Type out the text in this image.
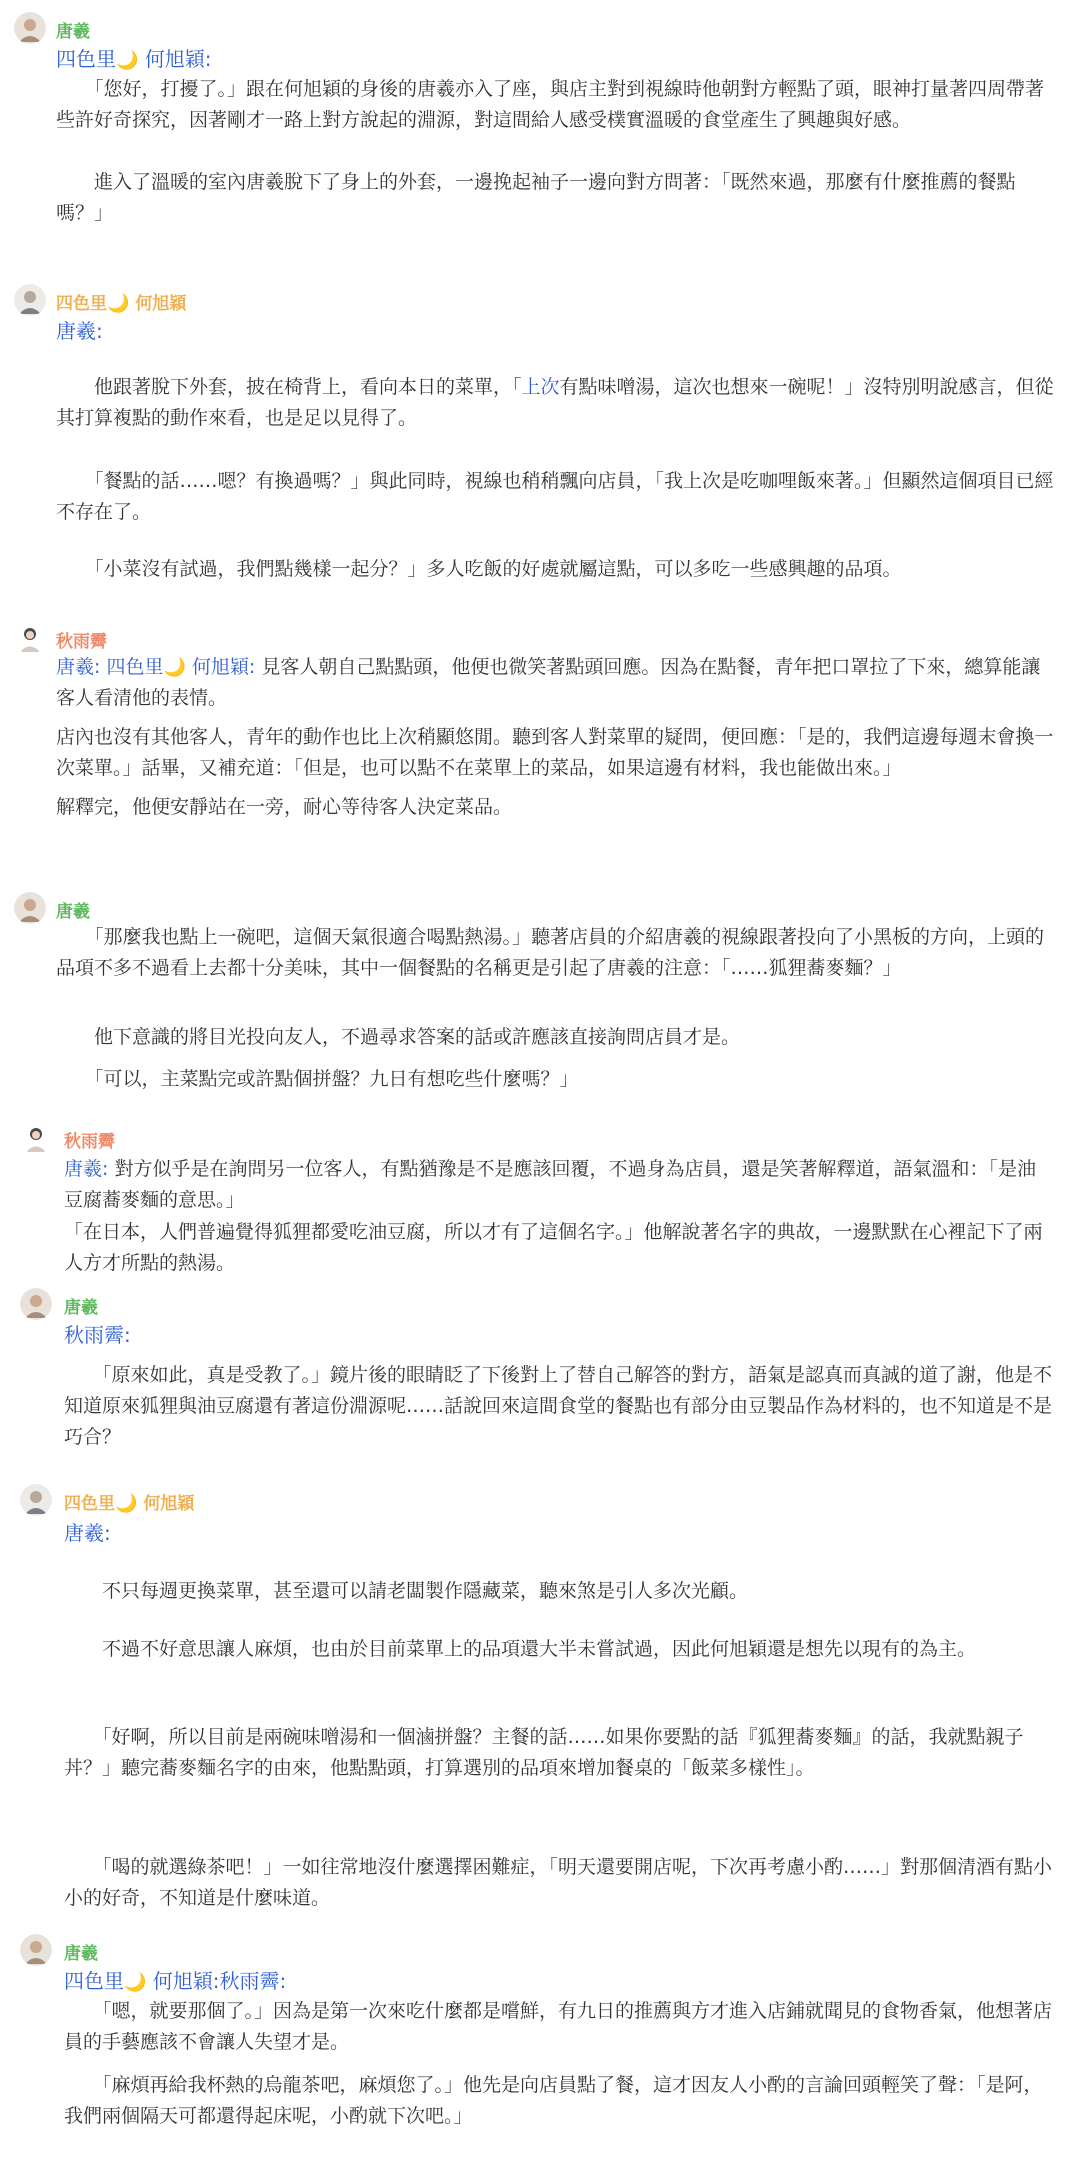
唐羲
四色里🌙 何旭穎:

　　「您好，打擾了。」跟在何旭穎的身後的唐羲亦入了座，與店主對到視線時他朝對方輕點了頭，眼神打量著四周帶著些許好奇探究，因著剛才一路上對方說起的淵源，對這間給人感受樸實溫暖的食堂產生了興趣與好感。

　　進入了溫暖的室內唐羲脫下了身上的外套，一邊挽起袖子一邊向對方問著：「既然來過，那麼有什麼推薦的餐點嗎？」

四色里🌙 何旭穎
唐羲:

　　他跟著脫下外套，披在椅背上，看向本日的菜單，「上次有點味噌湯，這次也想來一碗呢！」沒特別明說感言，但從其打算複點的動作來看，也是足以見得了。

　　「餐點的話……嗯？有換過嗎？」與此同時，視線也稍稍飄向店員，「我上次是吃咖哩飯來著。」但顯然這個項目已經不存在了。

　　「小菜沒有試過，我們點幾樣一起分？」多人吃飯的好處就屬這點，可以多吃一些感興趣的品項。

秋雨霽

唐羲: 四色里🌙 何旭穎: 見客人朝自己點點頭，他便也微笑著點頭回應。因為在點餐，青年把口罩拉了下來，總算能讓客人看清他的表情。

店內也沒有其他客人，青年的動作也比上次稍顯悠閒。聽到客人對菜單的疑問，便回應：「是的，我們這邊每週末會換一次菜單。」話畢，又補充道：「但是，也可以點不在菜單上的菜品，如果這邊有材料，我也能做出來。」

解釋完，他便安靜站在一旁，耐心等待客人決定菜品。

唐羲

　　「那麼我也點上一碗吧，這個天氣很適合喝點熱湯。」聽著店員的介紹唐羲的視線跟著投向了小黑板的方向，上頭的品項不多不過看上去都十分美味，其中一個餐點的名稱更是引起了唐羲的注意：「……狐狸蕎麥麵？」

　　他下意識的將目光投向友人，不過尋求答案的話或許應該直接詢問店員才是。

　　「可以，主菜點完或許點個拼盤？九日有想吃些什麼嗎？」

秋雨霽

唐羲: 對方似乎是在詢問另一位客人，有點猶豫是不是應該回覆，不過身為店員，還是笑著解釋道，語氣溫和：「是油豆腐蕎麥麵的意思。」

「在日本，人們普遍覺得狐狸都愛吃油豆腐，所以才有了這個名字。」他解說著名字的典故，一邊默默在心裡記下了兩人方才所點的熱湯。

唐羲
秋雨霽:

　　「原來如此，真是受教了。」鏡片後的眼睛眨了下後對上了替自己解答的對方，語氣是認真而真誠的道了謝，他是不知道原來狐狸與油豆腐還有著這份淵源呢……話說回來這間食堂的餐點也有部分由豆製品作為材料的，也不知道是不是巧合？

四色里🌙 何旭穎
唐羲:

　　不只每週更換菜單，甚至還可以請老闆製作隱藏菜，聽來煞是引人多次光顧。

　　不過不好意思讓人麻煩，也由於目前菜單上的品項還大半未嘗試過，因此何旭穎還是想先以現有的為主。

　　「好啊，所以目前是兩碗味噌湯和一個滷拼盤？主餐的話……如果你要點的話『狐狸蕎麥麵』的話，我就點親子丼？」聽完蕎麥麵名字的由來，他點點頭，打算選別的品項來增加餐桌的「飯菜多樣性」。

　　「喝的就選綠茶吧！」一如往常地沒什麼選擇困難症，「明天還要開店呢，下次再考慮小酌……」對那個清酒有點小小的好奇，不知道是什麼味道。

唐羲
四色里🌙 何旭穎:秋雨霽:

　　「嗯，就要那個了。」因為是第一次來吃什麼都是嚐鮮，有九日的推薦與方才進入店鋪就聞見的食物香氣，他想著店員的手藝應該不會讓人失望才是。

　　「麻煩再給我杯熱的烏龍茶吧，麻煩您了。」他先是向店員點了餐，這才因友人小酌的言論回頭輕笑了聲：「是阿，我們兩個隔天可都還得起床呢，小酌就下次吧。」
